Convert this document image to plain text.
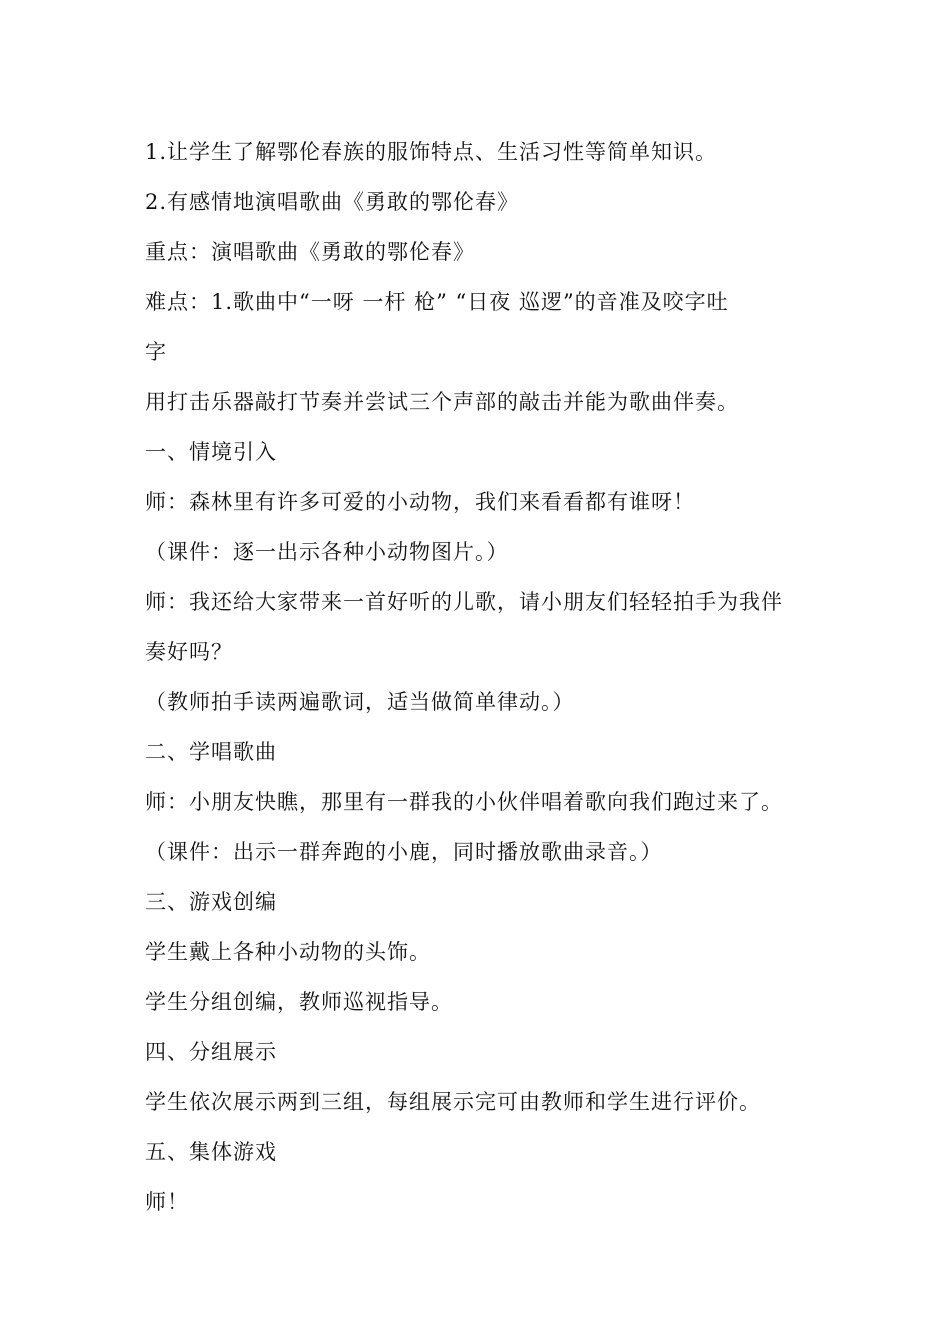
1.让学生了解鄂伦春族的服饰特点、生活习性等简单知识。
2.有感情地演唱歌曲《勇敢的鄂伦春》
重点：演唱歌曲《勇敢的鄂伦春》
难点：1.歌曲中“一呀 一杆 枪” “日夜 巡逻”的音准及咬字吐
字
用打击乐器敲打节奏并尝试三个声部的敲击并能为歌曲伴奏。
一、情境引入
师：森林里有许多可爱的小动物，我们来看看都有谁呀！
（课件：逐一出示各种小动物图片。）
师：我还给大家带来一首好听的儿歌，请小朋友们轻轻拍手为我伴
奏好吗？
（教师拍手读两遍歌词，适当做简单律动。）
二、学唱歌曲
师：小朋友快瞧，那里有一群我的小伙伴唱着歌向我们跑过来了。
（课件：出示一群奔跑的小鹿，同时播放歌曲录音。）
三、游戏创编
学生戴上各种小动物的头饰。
学生分组创编，教师巡视指导。
四、分组展示
学生依次展示两到三组，每组展示完可由教师和学生进行评价。
五、集体游戏
师！
